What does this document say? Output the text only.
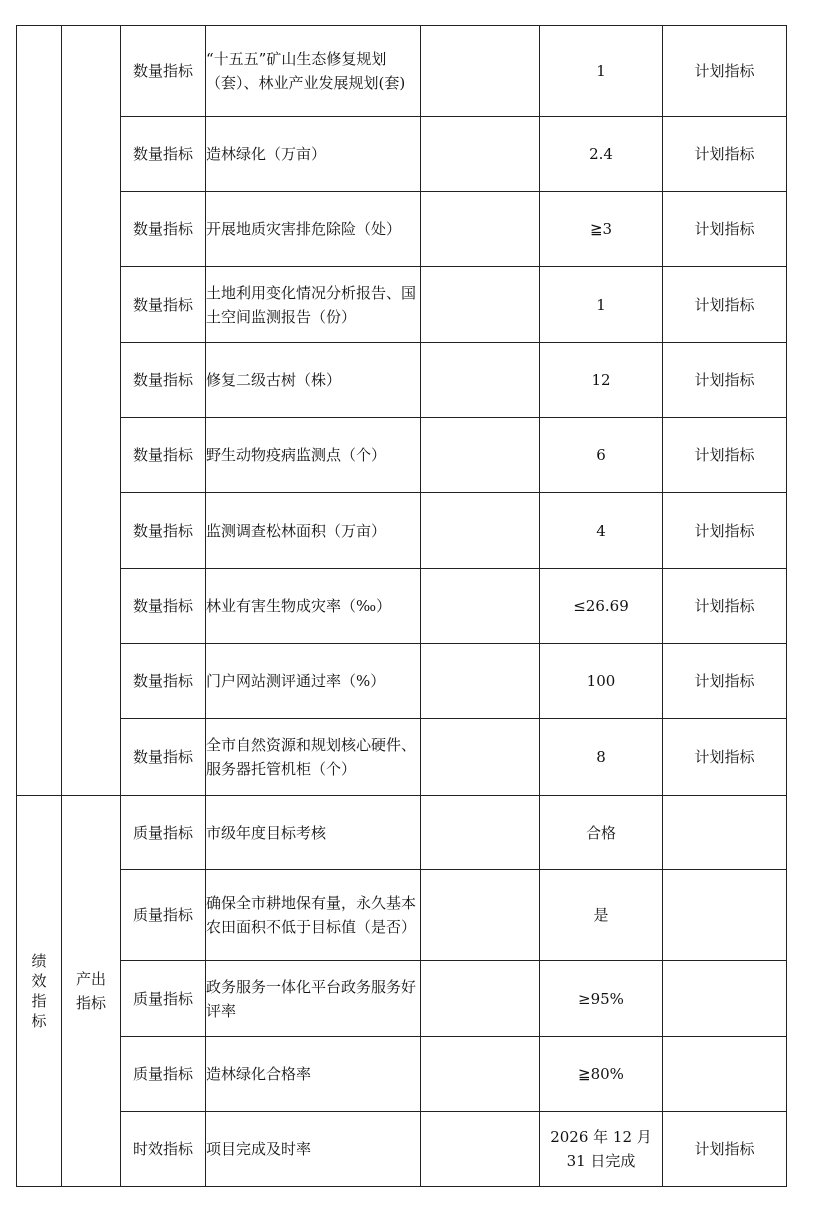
		数量指标	“十五五”矿山生态修复规划（套）、林业产业发展规划(套)		1	计划指标
		数量指标	造林绿化（万亩）		2.4	计划指标
		数量指标	开展地质灾害排危除险（处）		≧3	计划指标
		数量指标	土地利用变化情况分析报告、国土空间监测报告（份）		1	计划指标
		数量指标	修复二级古树（株）		12	计划指标
		数量指标	野生动物疫病监测点（个）		6	计划指标
		数量指标	监测调查松林面积（万亩）		4	计划指标
		数量指标	林业有害生物成灾率（‰）		≤26.69	计划指标
		数量指标	门户网站测评通过率（%）		100	计划指标
		数量指标	全市自然资源和规划核心硬件、服务器托管机柜（个）		8	计划指标

绩效指标	产出指标	质量指标	市级年度目标考核		合格	
		质量指标	确保全市耕地保有量，永久基本农田面积不低于目标值（是否）		是	
		质量指标	政务服务一体化平台政务服务好评率		≥95%	
		质量指标	造林绿化合格率		≧80%	
		时效指标	项目完成及时率		2026 年 12 月 31 日完成	计划指标
